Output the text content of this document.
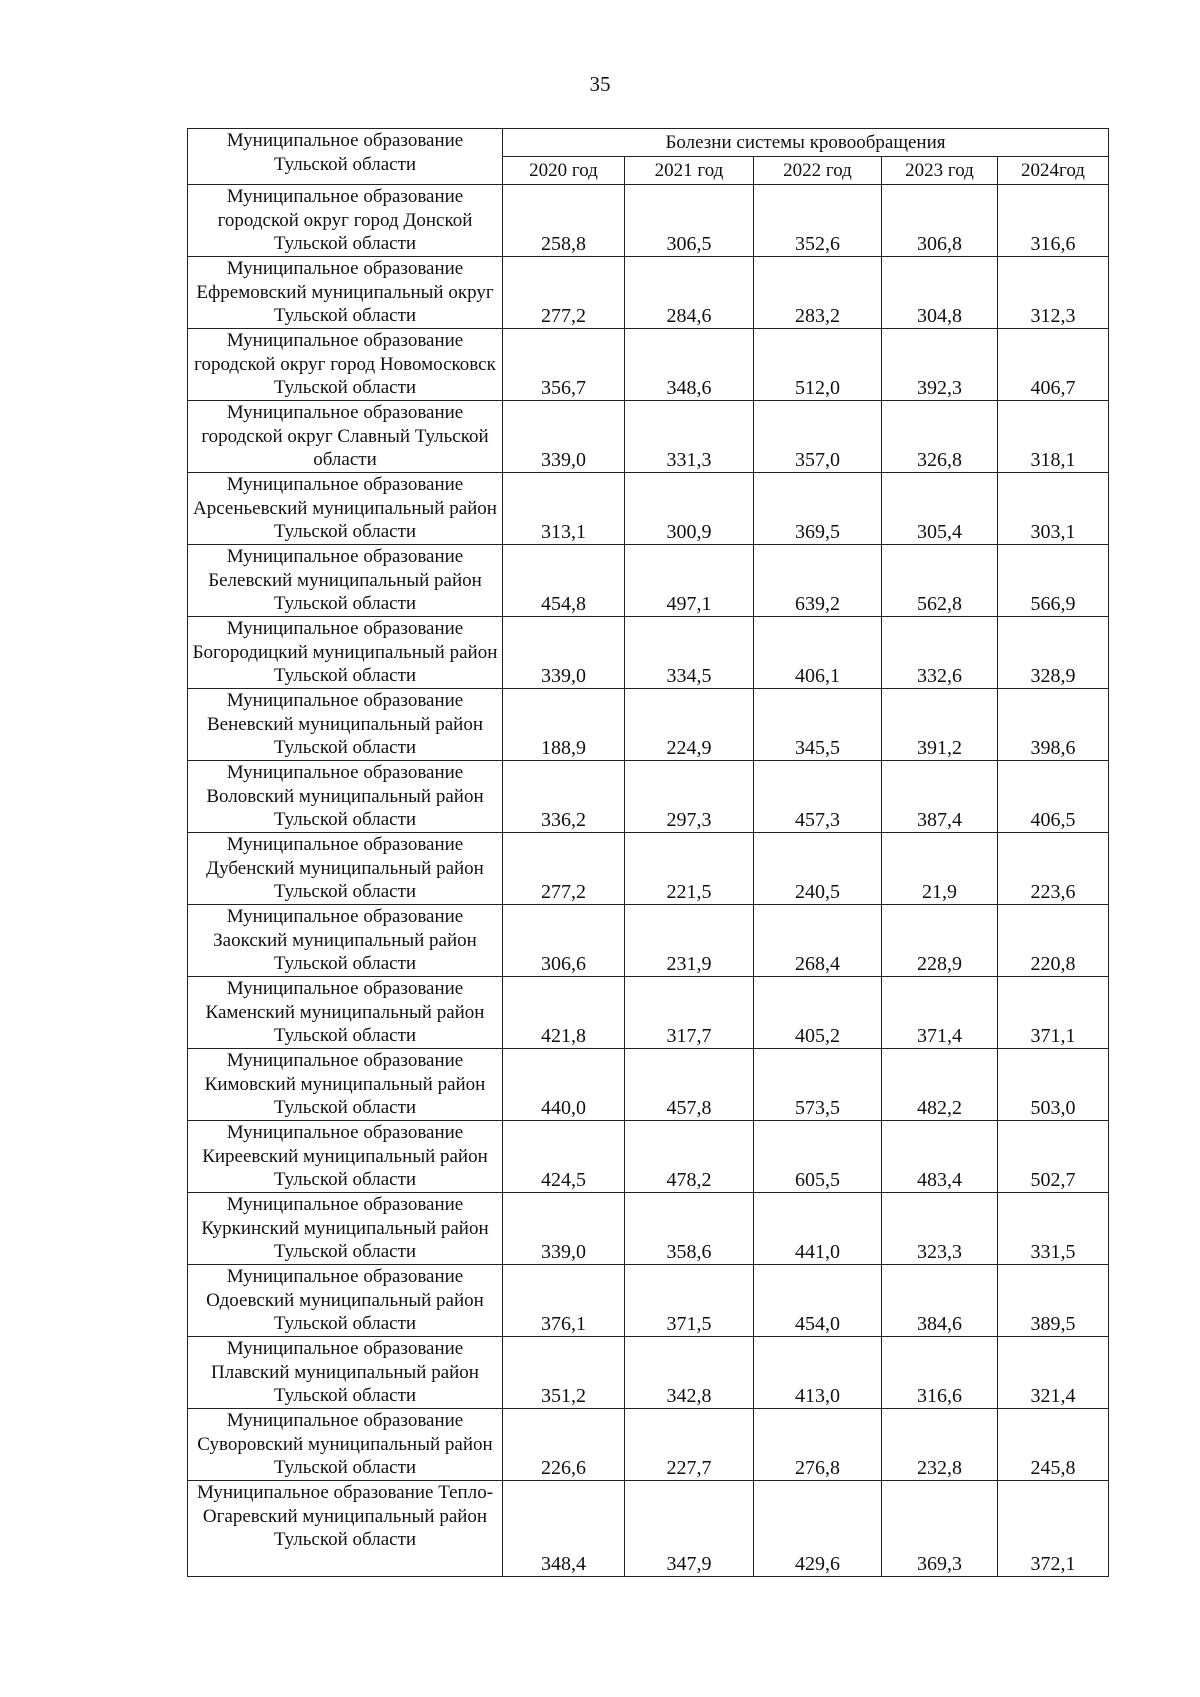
35
Муниципальное образование Тульской области	Болезни системы кровообращения				
	2020 год	2021 год	2022 год	2023 год	2024год
Муниципальное образование городской округ город Донской Тульской области	258,8	306,5	352,6	306,8	316,6
Муниципальное образование Ефремовский муниципальный округ Тульской области	277,2	284,6	283,2	304,8	312,3
Муниципальное образование городской округ город Новомосковск Тульской области	356,7	348,6	512,0	392,3	406,7
Муниципальное образование городской округ Славный Тульской области	339,0	331,3	357,0	326,8	318,1
Муниципальное образование Арсеньевский муниципальный район Тульской области	313,1	300,9	369,5	305,4	303,1
Муниципальное образование Белевский муниципальный район Тульской области	454,8	497,1	639,2	562,8	566,9
Муниципальное образование Богородицкий муниципальный район Тульской области	339,0	334,5	406,1	332,6	328,9
Муниципальное образование Веневский муниципальный район Тульской области	188,9	224,9	345,5	391,2	398,6
Муниципальное образование Воловский муниципальный район Тульской области	336,2	297,3	457,3	387,4	406,5
Муниципальное образование Дубенский муниципальный район Тульской области	277,2	221,5	240,5	21,9	223,6
Муниципальное образование Заокский муниципальный район Тульской области	306,6	231,9	268,4	228,9	220,8
Муниципальное образование Каменский муниципальный район Тульской области	421,8	317,7	405,2	371,4	371,1
Муниципальное образование Кимовский муниципальный район Тульской области	440,0	457,8	573,5	482,2	503,0
Муниципальное образование Киреевский муниципальный район Тульской области	424,5	478,2	605,5	483,4	502,7
Муниципальное образование Куркинский муниципальный район Тульской области	339,0	358,6	441,0	323,3	331,5
Муниципальное образование Одоевский муниципальный район Тульской области	376,1	371,5	454,0	384,6	389,5
Муниципальное образование Плавский муниципальный район Тульской области	351,2	342,8	413,0	316,6	321,4
Муниципальное образование Суворовский муниципальный район Тульской области	226,6	227,7	276,8	232,8	245,8
Муниципальное образование Тепло-Огаревский муниципальный район Тульской области	348,4	347,9	429,6	369,3	372,1
